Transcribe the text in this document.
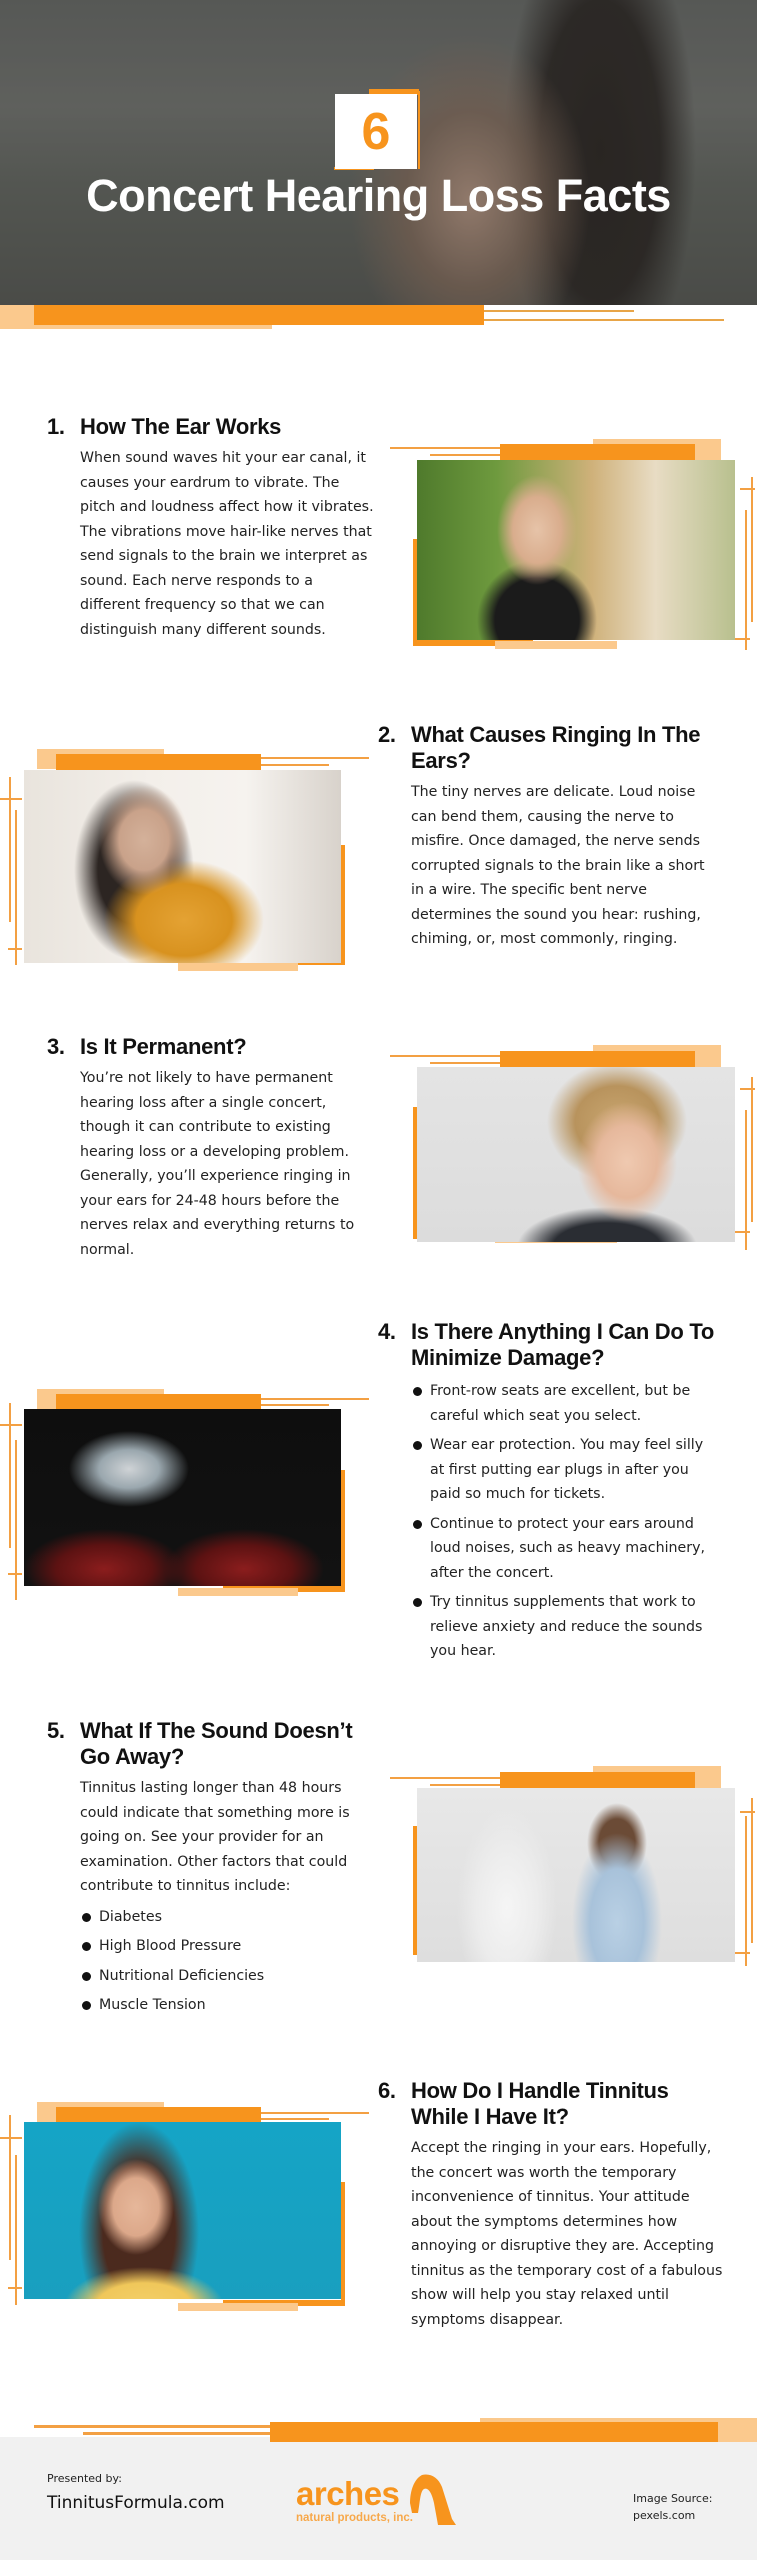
6
Concert Hearing Loss Facts
1. How The Ear Works
When sound waves hit your ear canal, it causes your eardrum to vibrate. The pitch and loudness affect how it vibrates. The vibrations move hair-like nerves that send signals to the brain we interpret as sound. Each nerve responds to a different frequency so that we can distinguish many different sounds.
2. What Causes Ringing In The Ears?
The tiny nerves are delicate. Loud noise can bend them, causing the nerve to misfire. Once damaged, the nerve sends corrupted signals to the brain like a short in a wire. The specific bent nerve determines the sound you hear: rushing, chiming, or, most commonly, ringing.
3. Is It Permanent?
You’re not likely to have permanent hearing loss after a single concert, though it can contribute to existing hearing loss or a developing problem. Generally, you’ll experience ringing in your ears for 24-48 hours before the nerves relax and everything returns to normal.
4. Is There Anything I Can Do To Minimize Damage?
Front-row seats are excellent, but be careful which seat you select.
Wear ear protection. You may feel silly at first putting ear plugs in after you paid so much for tickets.
Continue to protect your ears around loud noises, such as heavy machinery, after the concert.
Try tinnitus supplements that work to relieve anxiety and reduce the sounds you hear.
5. What If The Sound Doesn’t Go Away?
Tinnitus lasting longer than 48 hours could indicate that something more is going on. See your provider for an examination. Other factors that could contribute to tinnitus include:
Diabetes
High Blood Pressure
Nutritional Deficiencies
Muscle Tension
6. How Do I Handle Tinnitus While I Have It?
Accept the ringing in your ears. Hopefully, the concert was worth the temporary inconvenience of tinnitus. Your attitude about the symptoms determines how annoying or disruptive they are. Accepting tinnitus as the temporary cost of a fabulous show will help you stay relaxed until symptoms disappear.
Presented by:
TinnitusFormula.com arches
natural products, inc.
Image Source:
pexels.com
